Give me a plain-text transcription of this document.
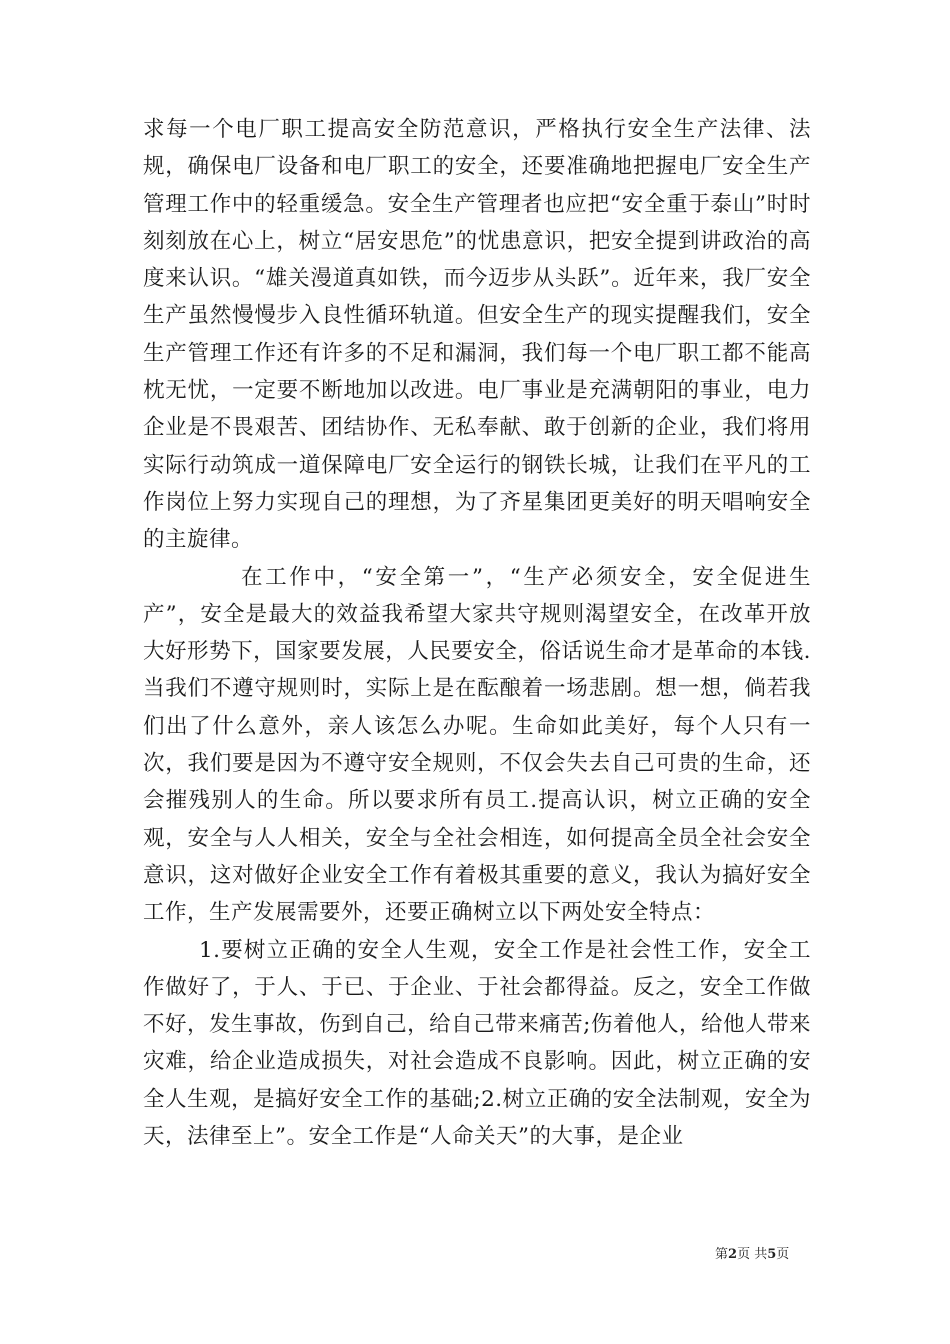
求每一个电厂职工提高安全防范意识，严格执行安全生产法律、法规，确保电厂设备和电厂职工的安全，还要准确地把握电厂安全生产管理工作中的轻重缓急。安全生产管理者也应把“安全重于泰山”时时刻刻放在心上，树立“居安思危”的忧患意识，把安全提到讲政治的高度来认识。“雄关漫道真如铁，而今迈步从头跃”。近年来，我厂安全生产虽然慢慢步入良性循环轨道。但安全生产的现实提醒我们，安全生产管理工作还有许多的不足和漏洞，我们每一个电厂职工都不能高枕无忧，一定要不断地加以改进。电厂事业是充满朝阳的事业，电力企业是不畏艰苦、团结协作、无私奉献、敢于创新的企业，我们将用实际行动筑成一道保障电厂安全运行的钢铁长城，让我们在平凡的工作岗位上努力实现自己的理想，为了齐星集团更美好的明天唱响安全的主旋律。

在工作中，“安全第一”，“生产必须安全，安全促进生产”，安全是最大的效益我希望大家共守规则渴望安全，在改革开放大好形势下，国家要发展，人民要安全，俗话说生命才是革命的本钱.当我们不遵守规则时，实际上是在酝酿着一场悲剧。想一想，倘若我们出了什么意外，亲人该怎么办呢。生命如此美好，每个人只有一次，我们要是因为不遵守安全规则，不仅会失去自己可贵的生命，还会摧残别人的生命。所以要求所有员工.提高认识，树立正确的安全观，安全与人人相关，安全与全社会相连，如何提高全员全社会安全意识，这对做好企业安全工作有着极其重要的意义，我认为搞好安全工作，生产发展需要外，还要正确树立以下两处安全特点：

1.要树立正确的安全人生观，安全工作是社会性工作，安全工作做好了，于人、于已、于企业、于社会都得益。反之，安全工作做不好，发生事故，伤到自己，给自己带来痛苦;伤着他人，给他人带来灾难，给企业造成损失，对社会造成不良影响。因此，树立正确的安全人生观，是搞好安全工作的基础;2.树立正确的安全法制观，安全为天，法律至上”。安全工作是“人命关天”的大事，是企业

第2页 共5页
